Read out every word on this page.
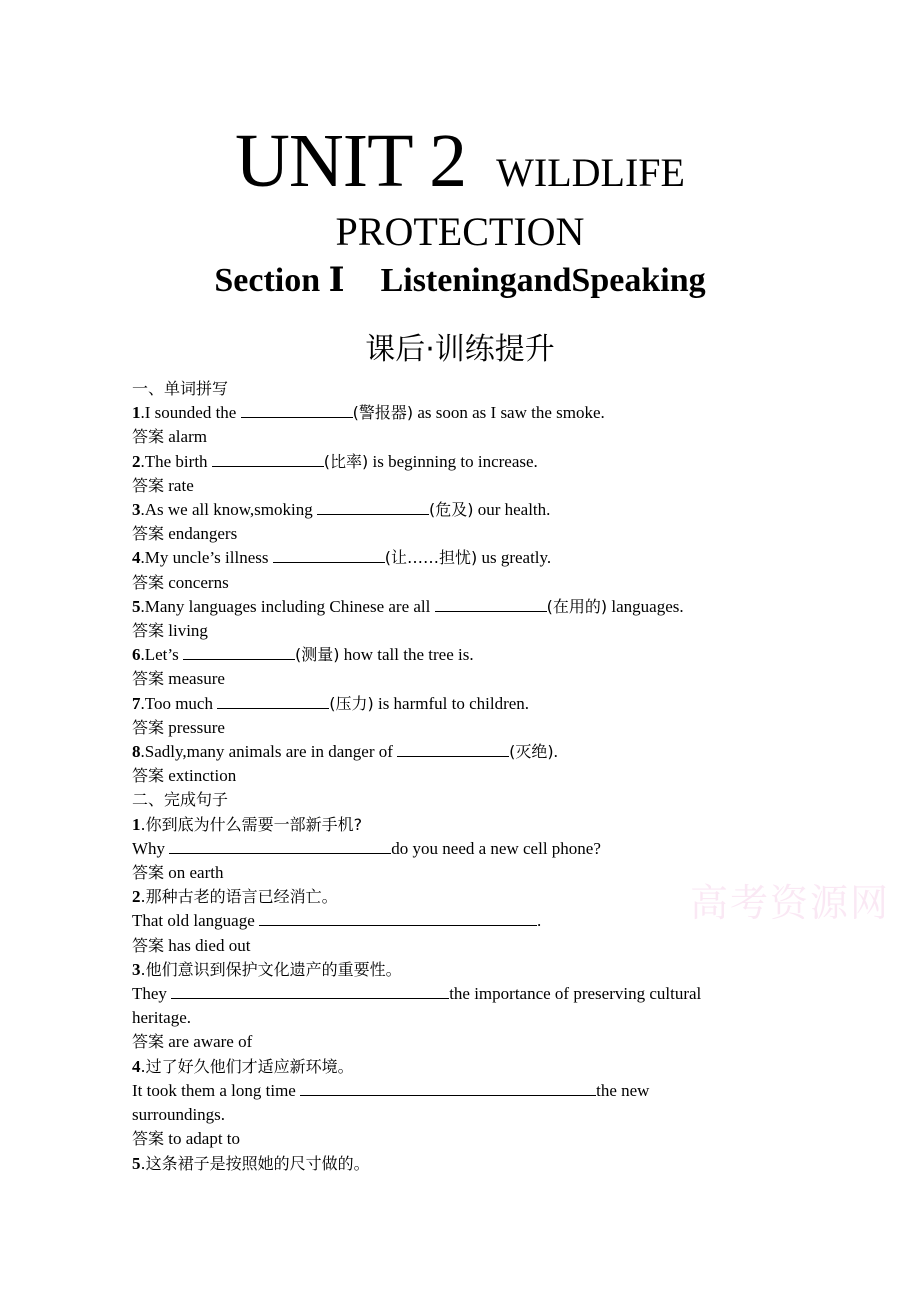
UNIT 2 WILDLIFE
PROTECTION
Section Ⅰ ListeningandSpeaking
课后·训练提升
高考资源网
一、单词拼写
1.I sounded the	(警报器) as soon as I saw the smoke.
答案 alarm
2.The birth	(比率) is beginning to increase.
答案 rate
3.As we all know,smoking	(危及) our health.
答案 endangers
4.My uncle’s illness	(让……担忧) us greatly.
答案 concerns
5.Many languages including Chinese are all	(在用的) languages.
答案 living
6.Let’s	(测量) how tall the tree is.
答案 measure
7.Too much	(压力) is harmful to children.
答案 pressure
8.Sadly,many animals are in danger of	(灭绝).
答案 extinction
二、完成句子
1.你到底为什么需要一部新手机?
Why	do you need a new cell phone?
答案 on earth
2.那种古老的语言已经消亡。
That old language	.
答案 has died out
3.他们意识到保护文化遗产的重要性。
They	the importance of preserving cultural
heritage.
答案 are aware of
4.过了好久他们才适应新环境。
It took them a long time	the new
surroundings.
答案 to adapt to
5.这条裙子是按照她的尺寸做的。
